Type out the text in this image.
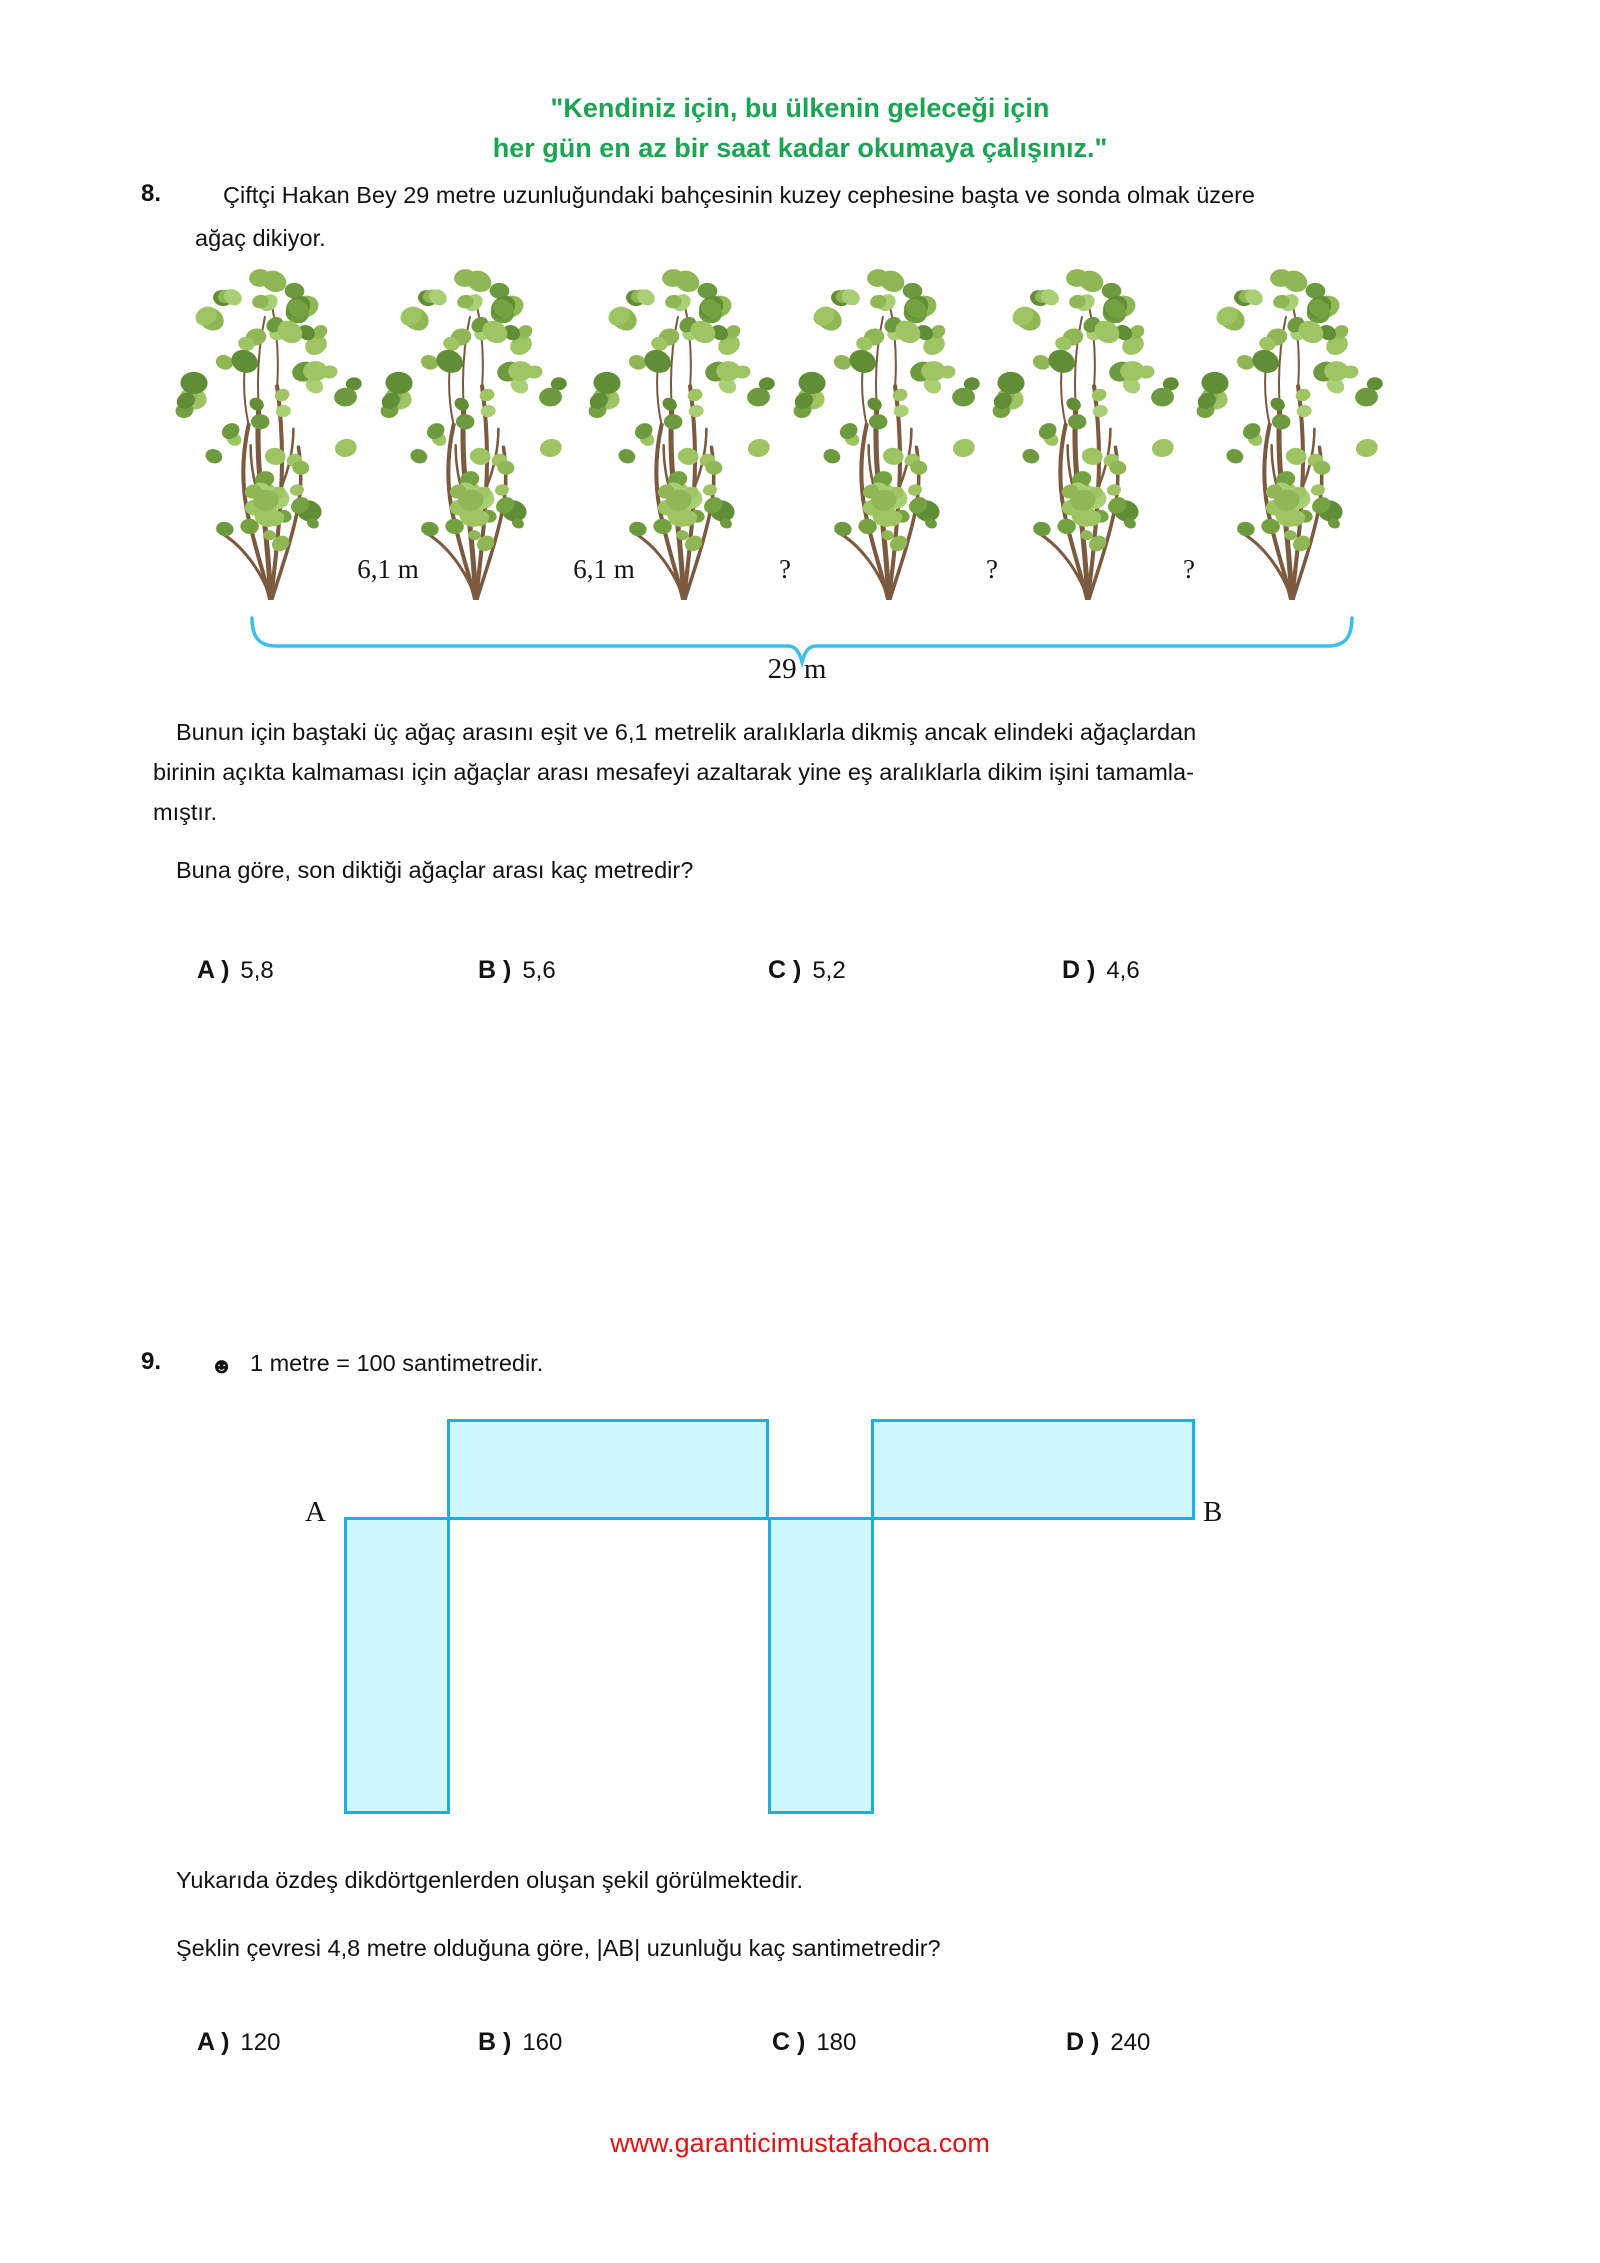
"Kendiniz için, bu ülkenin geleceği için
her gün en az bir saat kadar okumaya çalışınız."
8.	Çiftçi Hakan Bey 29 metre uzunluğundaki bahçesinin kuzey cephesine başta ve sonda olmak üzere
ağaç dikiyor.
6,1 m	6,1 m	?	?	?
29 m
Bunun için baştaki üç ağaç arasını eşit ve 6,1 metrelik aralıklarla dikmiş ancak elindeki ağaçlardan
birinin açıkta kalmaması için ağaçlar arası mesafeyi azaltarak yine eş aralıklarla dikim işini tamamla-
mıştır.
Buna göre, son diktiği ağaçlar arası kaç metredir?
A ) 5,8	B ) 5,6	C ) 5,2	D ) 4,6
9. ☻ 1 metre = 100 santimetredir.
A	B
Yukarıda özdeş dikdörtgenlerden oluşan şekil görülmektedir.
Şeklin çevresi 4,8 metre olduğuna göre, |AB| uzunluğu kaç santimetredir?
A ) 120	B ) 160	C ) 180	D ) 240
www.garanticimustafahoca.com
